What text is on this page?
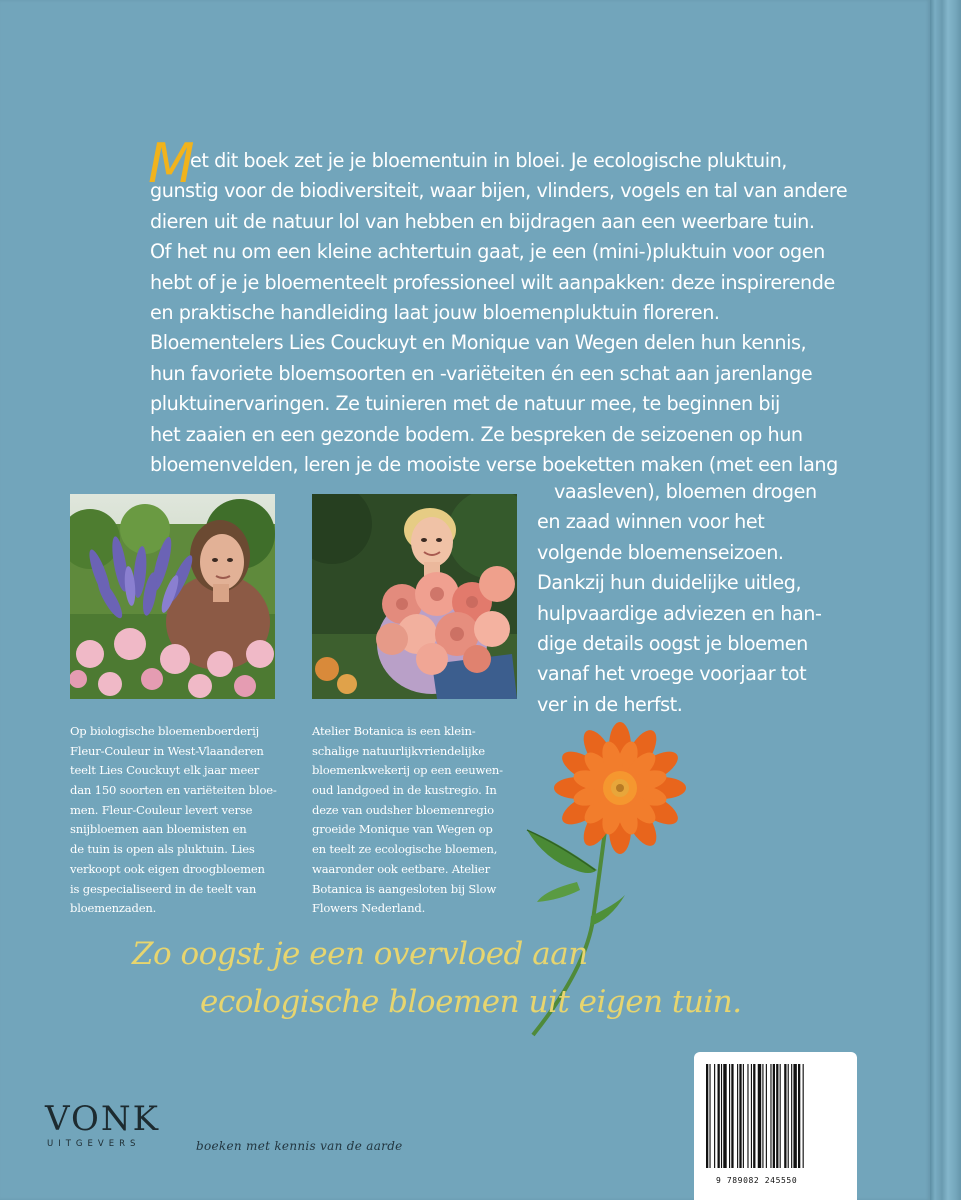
M
et dit boek zet je je bloementuin in bloei. Je ecologische pluktuin,
gunstig voor de biodiversiteit, waar bijen, vlinders, vogels en tal van andere
dieren uit de natuur lol van hebben en bijdragen aan een weerbare tuin.
Of het nu om een kleine achtertuin gaat, je een (mini-)pluktuin voor ogen
hebt of je je bloementeelt professioneel wilt aanpakken: deze inspirerende
en praktische handleiding laat jouw bloemenpluktuin floreren.
Bloementelers Lies Couckuyt en Monique van Wegen delen hun kennis,
hun favoriete bloemsoorten en -variëteiten én een schat aan jarenlange
pluktuinervaringen. Ze tuinieren met de natuur mee, te beginnen bij
het zaaien en een gezonde bodem. Ze bespreken de seizoenen op hun
bloemenvelden, leren je de mooiste verse boeketten maken (met een lang
vaasleven), bloemen drogen
en zaad winnen voor het
volgende bloemenseizoen.
Dankzij hun duidelijke uitleg,
hulpvaardige adviezen en han-
dige details oogst je bloemen
vanaf het vroege voorjaar tot
ver in de herfst.
Op biologische bloemenboerderij
Fleur-Couleur in West-Vlaanderen
teelt Lies Couckuyt elk jaar meer
dan 150 soorten en variëteiten bloe-
men. Fleur-Couleur levert verse
snijbloemen aan bloemisten en
de tuin is open als pluktuin. Lies
verkoopt ook eigen droogbloemen
is gespecialiseerd in de teelt van
bloemenzaden.
Atelier Botanica is een klein-
schalige natuurlijkvriendelijke
bloemenkwekerij op een eeuwen-
oud landgoed in de kustregio. In
deze van oudsher bloemenregio
groeide Monique van Wegen op
en teelt ze ecologische bloemen,
waaronder ook eetbare. Atelier
Botanica is aangesloten bij Slow
Flowers Nederland.
Zo oogst je een overvloed aan
ecologische bloemen uit eigen tuin.
VONK
UITGEVERS	boeken met kennis van de aarde
9 789082 245550
